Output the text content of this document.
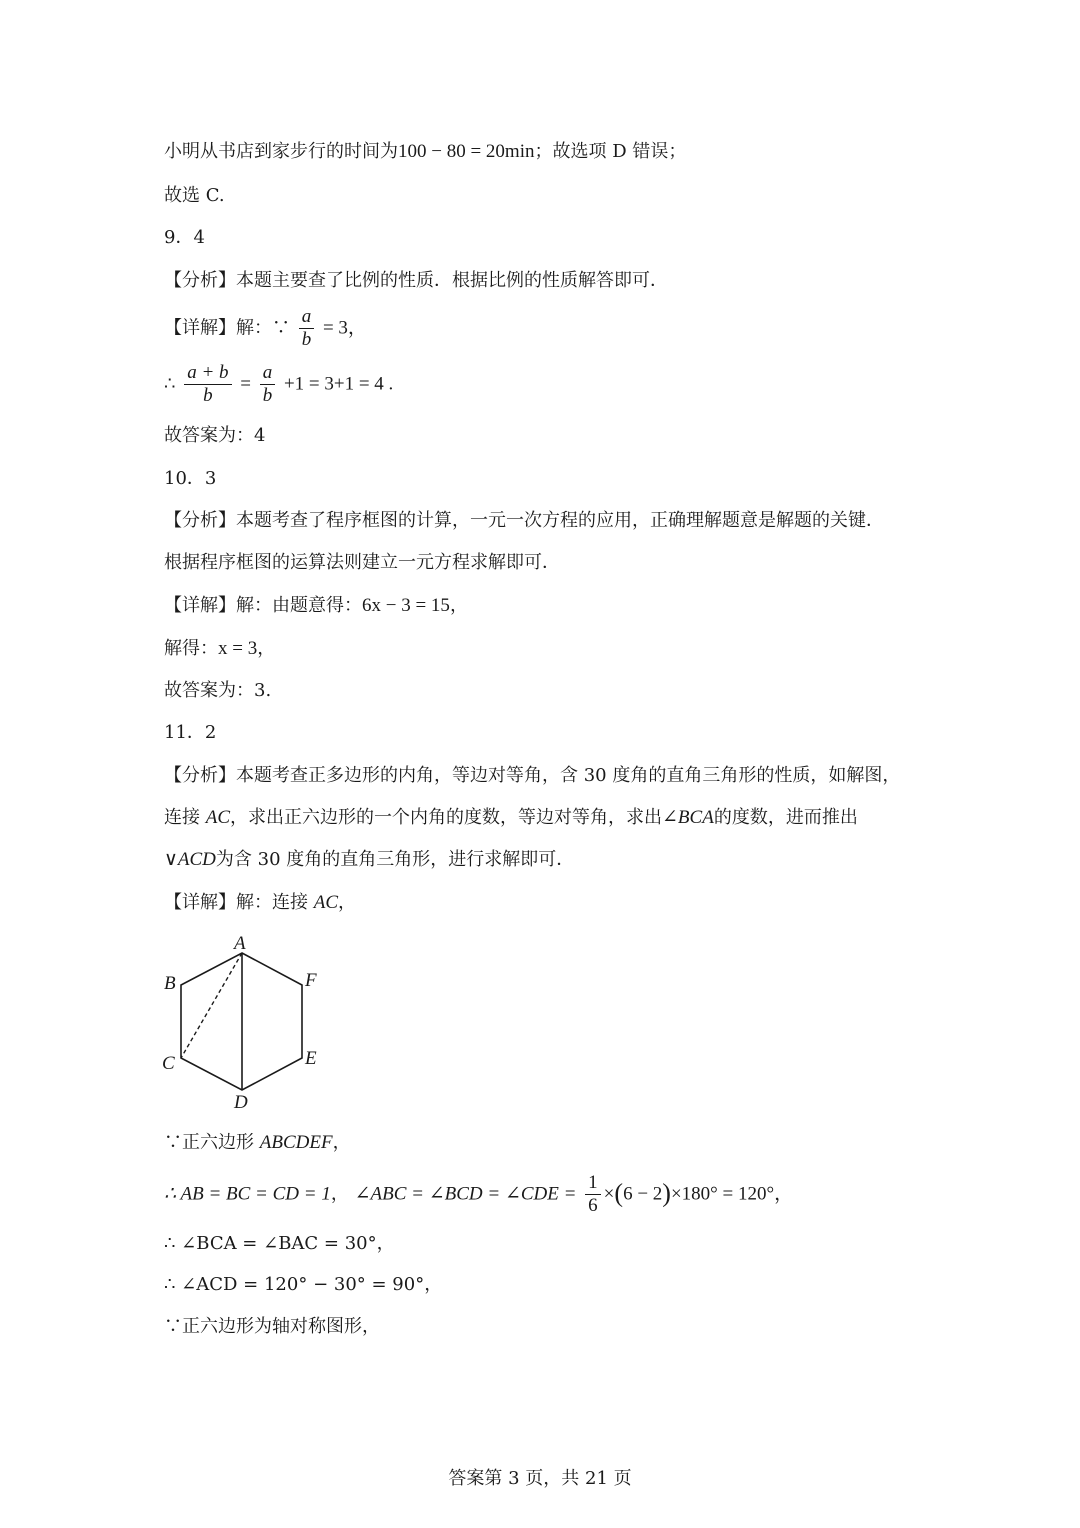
小明从书店到家步行的时间为100 − 80 = 20min；故选项 D 错误；
故选 C.
9．4
【分析】本题主要查了比例的性质．根据比例的性质解答即可．
【详解】解：∵ $\frac{a}{b} = 3$，
∴ $\frac{a + b}{b} = \frac{a}{b} +1 = 3+1 = 4$ .
故答案为：4
10．3
【分析】本题考查了程序框图的计算，一元一次方程的应用，正确理解题意是解题的关键．
根据程序框图的运算法则建立一元方程求解即可．
【详解】解：由题意得：6x − 3 = 15，
解得：x = 3，
故答案为：3.
11．2
【分析】本题考查正多边形的内角，等边对等角，含 30 度角的直角三角形的性质，如解图，
连接 AC，求出正六边形的一个内角的度数，等边对等角，求出∠BCA的度数，进而推出
∨ACD为含 30 度角的直角三角形，进行求解即可．
【详解】解：连接 AC，
A
B
C
D
E
F
∵正六边形 ABCDEF，
∴ AB = BC = CD = 1， ∠ABC = ∠BCD = ∠CDE = $\frac{1}{6} \times(6 - 2)\times 180^\circ = 120^\circ$，
∴ ∠BCA = ∠BAC = 30°，
∴ ∠ACD = 120° − 30° = 90°，
∵正六边形为轴对称图形，
答案第 3 页，共 21 页
